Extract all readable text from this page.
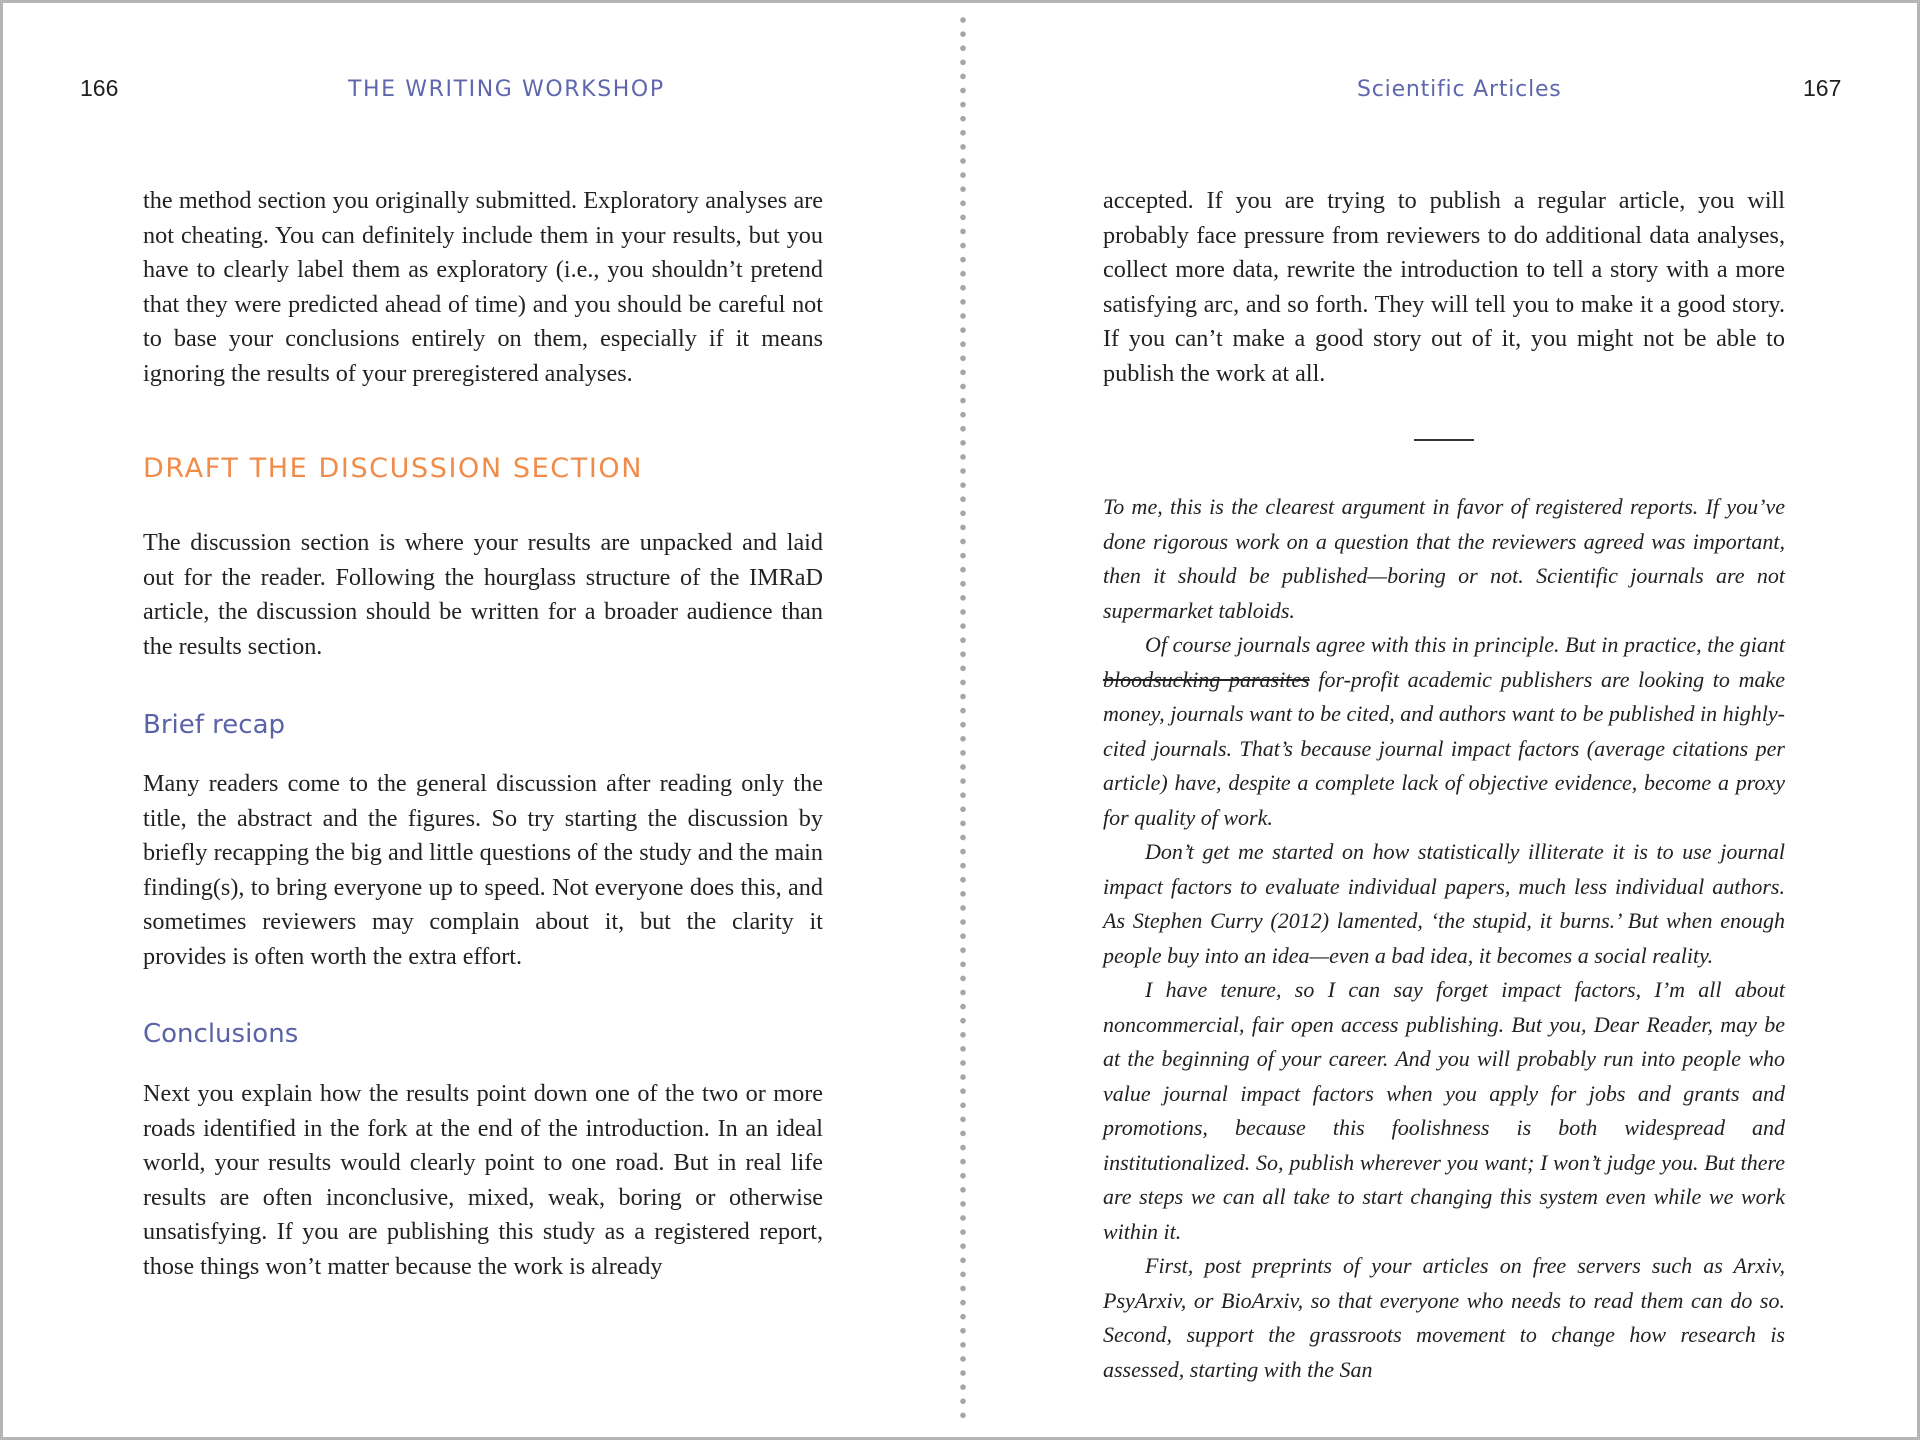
166	THE WRITING WORKSHOP

the method section you originally submitted. Exploratory analyses are not cheating. You can definitely include them in your results, but you have to clearly label them as exploratory (i.e., you shouldn’t pretend that they were predicted ahead of time) and you should be careful not to base your conclusions entirely on them, especially if it means ignoring the results of your preregistered analyses.

DRAFT THE DISCUSSION SECTION

The discussion section is where your results are unpacked and laid out for the reader. Following the hourglass structure of the IMRaD article, the discussion should be written for a broader audience than the results section.

Brief recap

Many readers come to the general discussion after reading only the title, the abstract and the figures. So try starting the discussion by briefly recapping the big and little questions of the study and the main finding(s), to bring everyone up to speed. Not everyone does this, and sometimes reviewers may complain about it, but the clarity it provides is often worth the extra effort.

Conclusions

Next you explain how the results point down one of the two or more roads identified in the fork at the end of the introduction. In an ideal world, your results would clearly point to one road. But in real life results are often inconclusive, mixed, weak, boring or otherwise unsatisfying. If you are publishing this study as a registered report, those things won’t matter because the work is already

Scientific Articles	167

accepted. If you are trying to publish a regular article, you will probably face pressure from reviewers to do additional data analyses, collect more data, rewrite the introduction to tell a story with a more satisfying arc, and so forth. They will tell you to make it a good story. If you can’t make a good story out of it, you might not be able to publish the work at all.

To me, this is the clearest argument in favor of registered reports. If you’ve done rigorous work on a question that the reviewers agreed was important, then it should be published—boring or not. Scientific journals are not supermarket tabloids.

Of course journals agree with this in principle. But in practice, the giant bloodsucking parasites for-profit academic publishers are looking to make money, journals want to be cited, and authors want to be published in highly-cited journals. That’s because journal impact factors (average citations per article) have, despite a complete lack of objective evidence, become a proxy for quality of work.

Don’t get me started on how statistically illiterate it is to use journal impact factors to evaluate individual papers, much less individual authors. As Stephen Curry (2012) lamented, ‘the stupid, it burns.’ But when enough people buy into an idea—even a bad idea, it becomes a social reality.

I have tenure, so I can say forget impact factors, I’m all about noncommercial, fair open access publishing. But you, Dear Reader, may be at the beginning of your career. And you will probably run into people who value journal impact factors when you apply for jobs and grants and promotions, because this foolishness is both widespread and institutionalized. So, publish wherever you want; I won’t judge you. But there are steps we can all take to start changing this system even while we work within it.

First, post preprints of your articles on free servers such as Arxiv, PsyArxiv, or BioArxiv, so that everyone who needs to read them can do so. Second, support the grassroots movement to change how research is assessed, starting with the San
